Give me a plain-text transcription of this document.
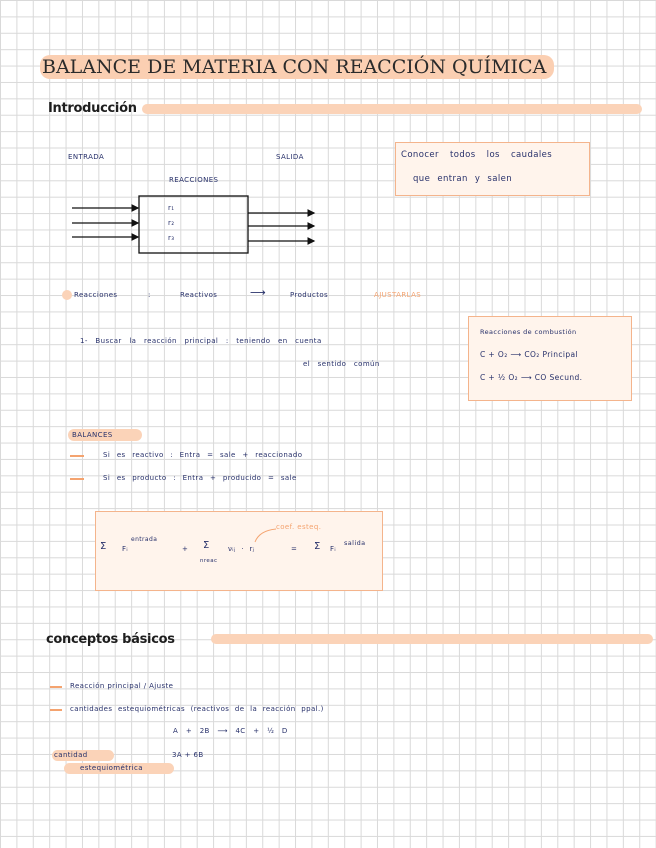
BALANCE DE MATERIA CON REACCIÓN QUÍMICA
Introducción
ENTRADA	SALIDA
REACCIONES
r₁
r₂
r₃
Conocer todos los caudales
que entran y salen
Reacciones	:	Reactivos	⟶	Productos	AJUSTARLAS
1- Buscar la reacción principal : teniendo en cuenta
el sentido común
Reacciones de combustión
C + O₂ ⟶ CO₂ Principal
C + ½ O₂ ⟶ CO Secund.
BALANCES
Si es reactivo : Entra = sale + reaccionado
Si es producto : Entra + producido = sale
coef. esteq.
Σ Fᵢ
entrada
+ Σ
nreac
νᵢⱼ · rⱼ	= Σ Fᵢ
salida
conceptos básicos
Reacción principal / Ajuste
cantidades estequiométricas (reactivos de la reacción ppal.)
A + 2B ⟶ 4C + ½ D
cantidad
estequiométrica
3A + 6B
